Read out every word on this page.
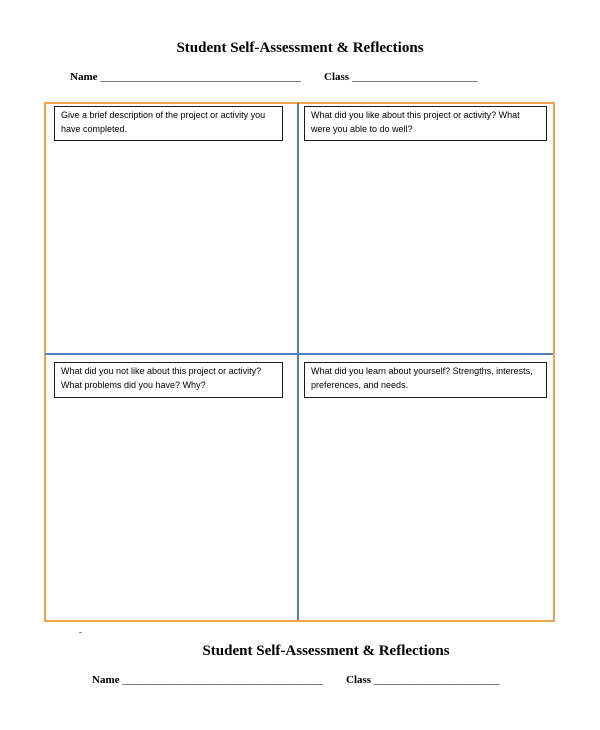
Student Self-Assessment & Reflections
Name ________________________________________ Class _________________________
Give a brief description of the project or activity you have completed.
What did you like about this project or activity? What were you able to do well?
What did you not like about this project or activity? What problems did you have? Why?
What did you learn about yourself? Strengths, interests, preferences, and needs.
Student Self-Assessment & Reflections
Name ________________________________________ Class _________________________
